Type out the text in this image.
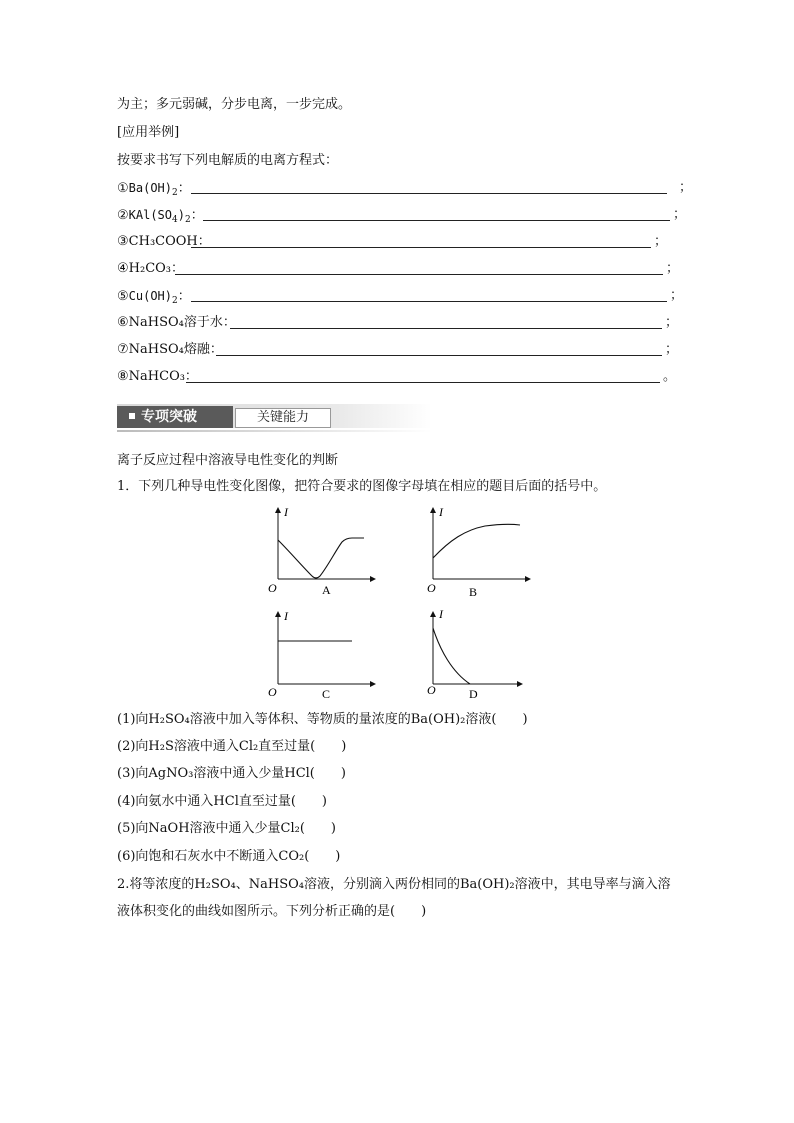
为主；多元弱碱，分步电离，一步完成。
[应用举例]
按要求书写下列电解质的电离方程式：
$①Ba(OH)_2$：	；
$②KAl(SO_4)_2$：	；
③CH₃COOH：	；
④H₂CO₃：	；
$⑤Cu(OH)_2$：	；
⑥NaHSO₄溶于水：	；
⑦NaHSO₄熔融：	；
⑧NaHCO₃：	。
专项突破	关键能力
离子反应过程中溶液导电性变化的判断
1．下列几种导电性变化图像，把符合要求的图像字母填在相应的题目后面的括号中。
I
O	A
I
O	B
I
O	C
I
O	D
(1)向H₂SO₄溶液中加入等体积、等物质的量浓度的Ba(OH)₂溶液(　　)
(2)向H₂S溶液中通入Cl₂直至过量(　　)
(3)向AgNO₃溶液中通入少量HCl(　　)
(4)向氨水中通入HCl直至过量(　　)
(5)向NaOH溶液中通入少量Cl₂(　　)
(6)向饱和石灰水中不断通入CO₂(　　)
2.将等浓度的H₂SO₄、NaHSO₄溶液，分别滴入两份相同的Ba(OH)₂溶液中，其电导率与滴入溶
液体积变化的曲线如图所示。下列分析正确的是(　　)
